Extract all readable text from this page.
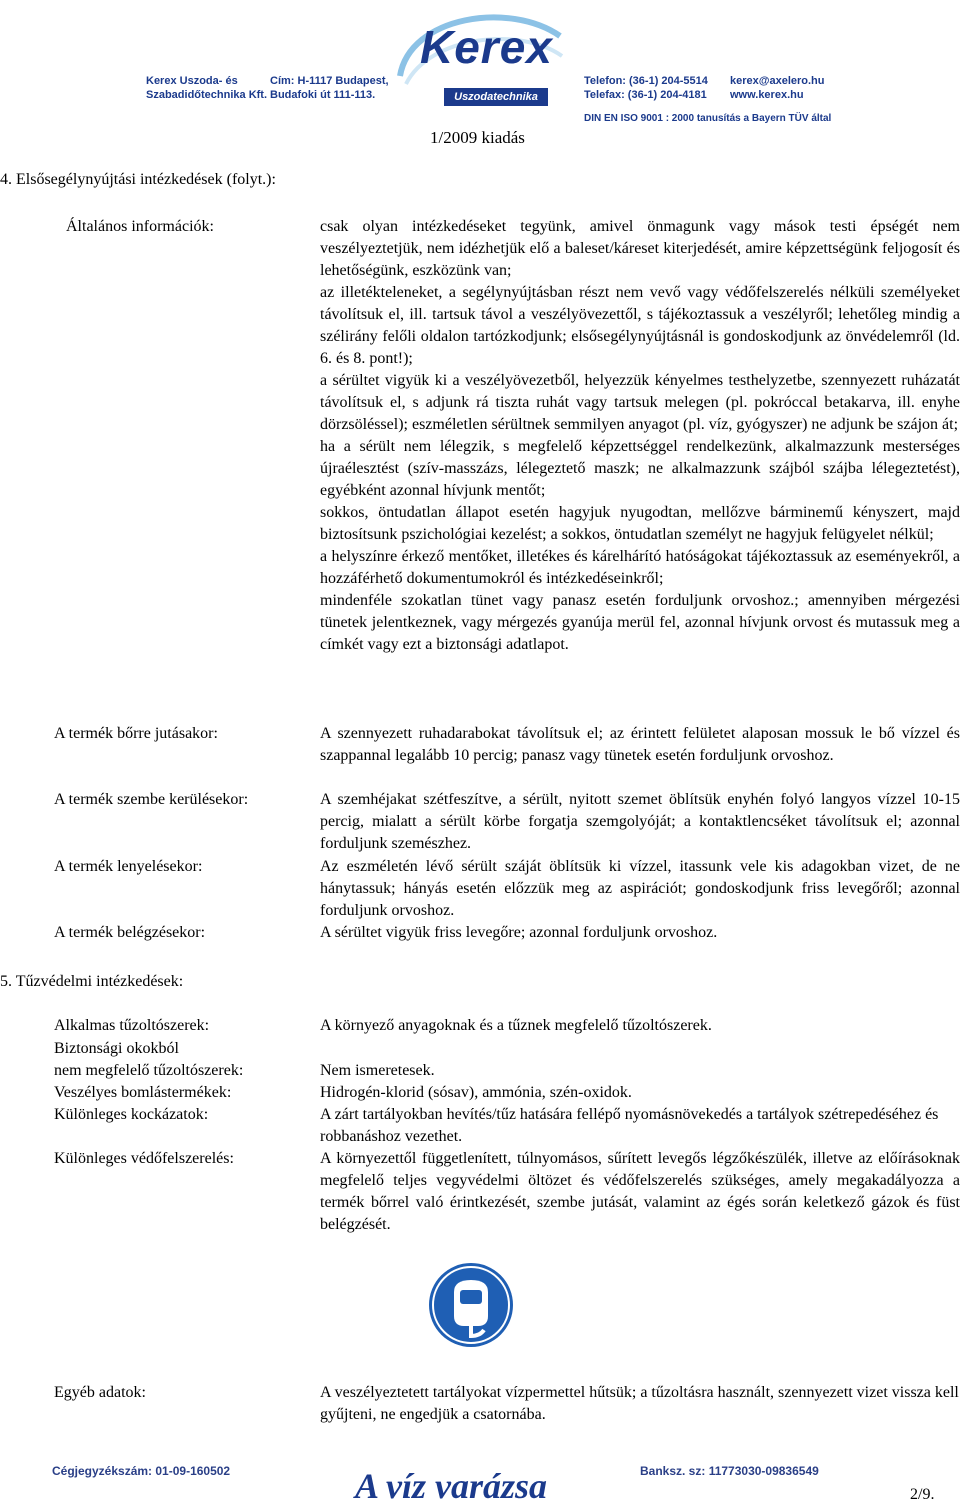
Kerex Uszoda- és
Szabadidőtechnika Kft.
Cím: H-1117 Budapest,
Budafoki út 111-113.
Kerex
Uszodatechnika
Telefon: (36-1) 204-5514
Telefax: (36-1) 204-4181
kerex@axelero.hu
www.kerex.hu
DIN EN ISO 9001 : 2000 tanusítás a Bayern TÜV által
1/2009 kiadás
4. Elsősegélynyújtási intézkedések (folyt.):
Általános információk:	csak olyan intézkedéseket tegyünk, amivel önmagunk vagy mások testi épségét nem veszélyeztetjük, nem idézhetjük elő a baleset/káreset kiterjedését, amire képzettségünk feljogosít és lehetőségünk, eszközünk van;

az illetékteleneket, a segélynyújtásban részt nem vevő vagy védőfelszerelés nélküli személyeket távolítsuk el, ill. tartsuk távol a veszélyövezettől, s tájékoztassuk a veszélyről; lehetőleg mindig a szélirány felőli oldalon tartózkodjunk; elsősegélynyújtásnál is gondoskodjunk az önvédelemről (ld. 6. és 8. pont!);

a sérültet vigyük ki a veszélyövezetből, helyezzük kényelmes testhelyzetbe, szennyezett ruházatát távolítsuk el, s adjunk rá tiszta ruhát vagy tartsuk melegen (pl. pokróccal betakarva, ill. enyhe dörzsöléssel); eszméletlen sérültnek semmilyen anyagot (pl. víz, gyógyszer) ne adjunk be szájon át;

ha a sérült nem lélegzik, s megfelelő képzettséggel rendelkezünk, alkalmazzunk mesterséges újraélesztést (szív-masszázs, lélegeztető maszk; ne alkalmazzunk szájból szájba lélegeztetést), egyébként azonnal hívjunk mentőt;

sokkos, öntudatlan állapot esetén hagyjuk nyugodtan, mellőzve bárminemű kényszert, majd biztosítsunk pszichológiai kezelést; a sokkos, öntudatlan személyt ne hagyjuk felügyelet nélkül;

a helyszínre érkező mentőket, illetékes és kárelhárító hatóságokat tájékoztassuk az eseményekről, a hozzáférhető dokumentumokról és intézkedéseinkről;

mindenféle szokatlan tünet vagy panasz esetén forduljunk orvoshoz.; amennyiben mérgezési tünetek jelentkeznek, vagy mérgezés gyanúja merül fel, azonnal hívjunk orvost és mutassuk meg a címkét vagy ezt a biztonsági adatlapot.

A termék bőrre jutásakor:	A szennyezett ruhadarabokat távolítsuk el; az érintett felületet alaposan mossuk le bő vízzel és szappannal legalább 10 percig; panasz vagy tünetek esetén forduljunk orvoshoz.

A termék szembe kerülésekor:	A szemhéjakat szétfeszítve, a sérült, nyitott szemet öblítsük enyhén folyó langyos vízzel 10-15 percig, mialatt a sérült körbe forgatja szemgolyóját; a kontaktlencséket távolítsuk el; azonnal forduljunk szemészhez.

A termék lenyelésekor:	Az eszméletén lévő sérült száját öblítsük ki vízzel, itassunk vele kis adagokban vizet, de ne hánytassuk; hányás esetén előzzük meg az aspirációt; gondoskodjunk friss levegőről; azonnal forduljunk orvoshoz.

A termék belégzésekor:	A sérültet vigyük friss levegőre; azonnal forduljunk orvoshoz.

5. Tűzvédelmi intézkedések:
Alkalmas tűzoltószerek:	A környező anyagoknak és a tűznek megfelelő tűzoltószerek.

Biztonsági okokból
nem megfelelő tűzoltószerek:	Nem ismeretesek.

Veszélyes bomlástermékek:	Hidrogén-klorid (sósav), ammónia, szén-oxidok.

Különleges kockázatok:	A zárt tartályokban hevítés/tűz hatására fellépő nyomásnövekedés a tartályok szétrepedéséhez és robbanáshoz vezethet.

Különleges védőfelszerelés:	A környezettől függetlenített, túlnyomásos, sűrített levegős légzőkészülék, illetve az előírásoknak megfelelő teljes vegyvédelmi öltözet és védőfelszerelés szükséges, amely megakadályozza a termék bőrrel való érintkezését, szembe jutását, valamint az égés során keletkező gázok és füst belégzését.

Egyéb adatok:	A veszélyeztetett tartályokat vízpermettel hűtsük; a tűzoltásra használt, szennyezett vizet vissza kell gyűjteni, ne engedjük a csatornába.

Cégjegyzékszám: 01-09-160502	A víz varázsa	Banksz. sz: 11773030-09836549
2/9.
